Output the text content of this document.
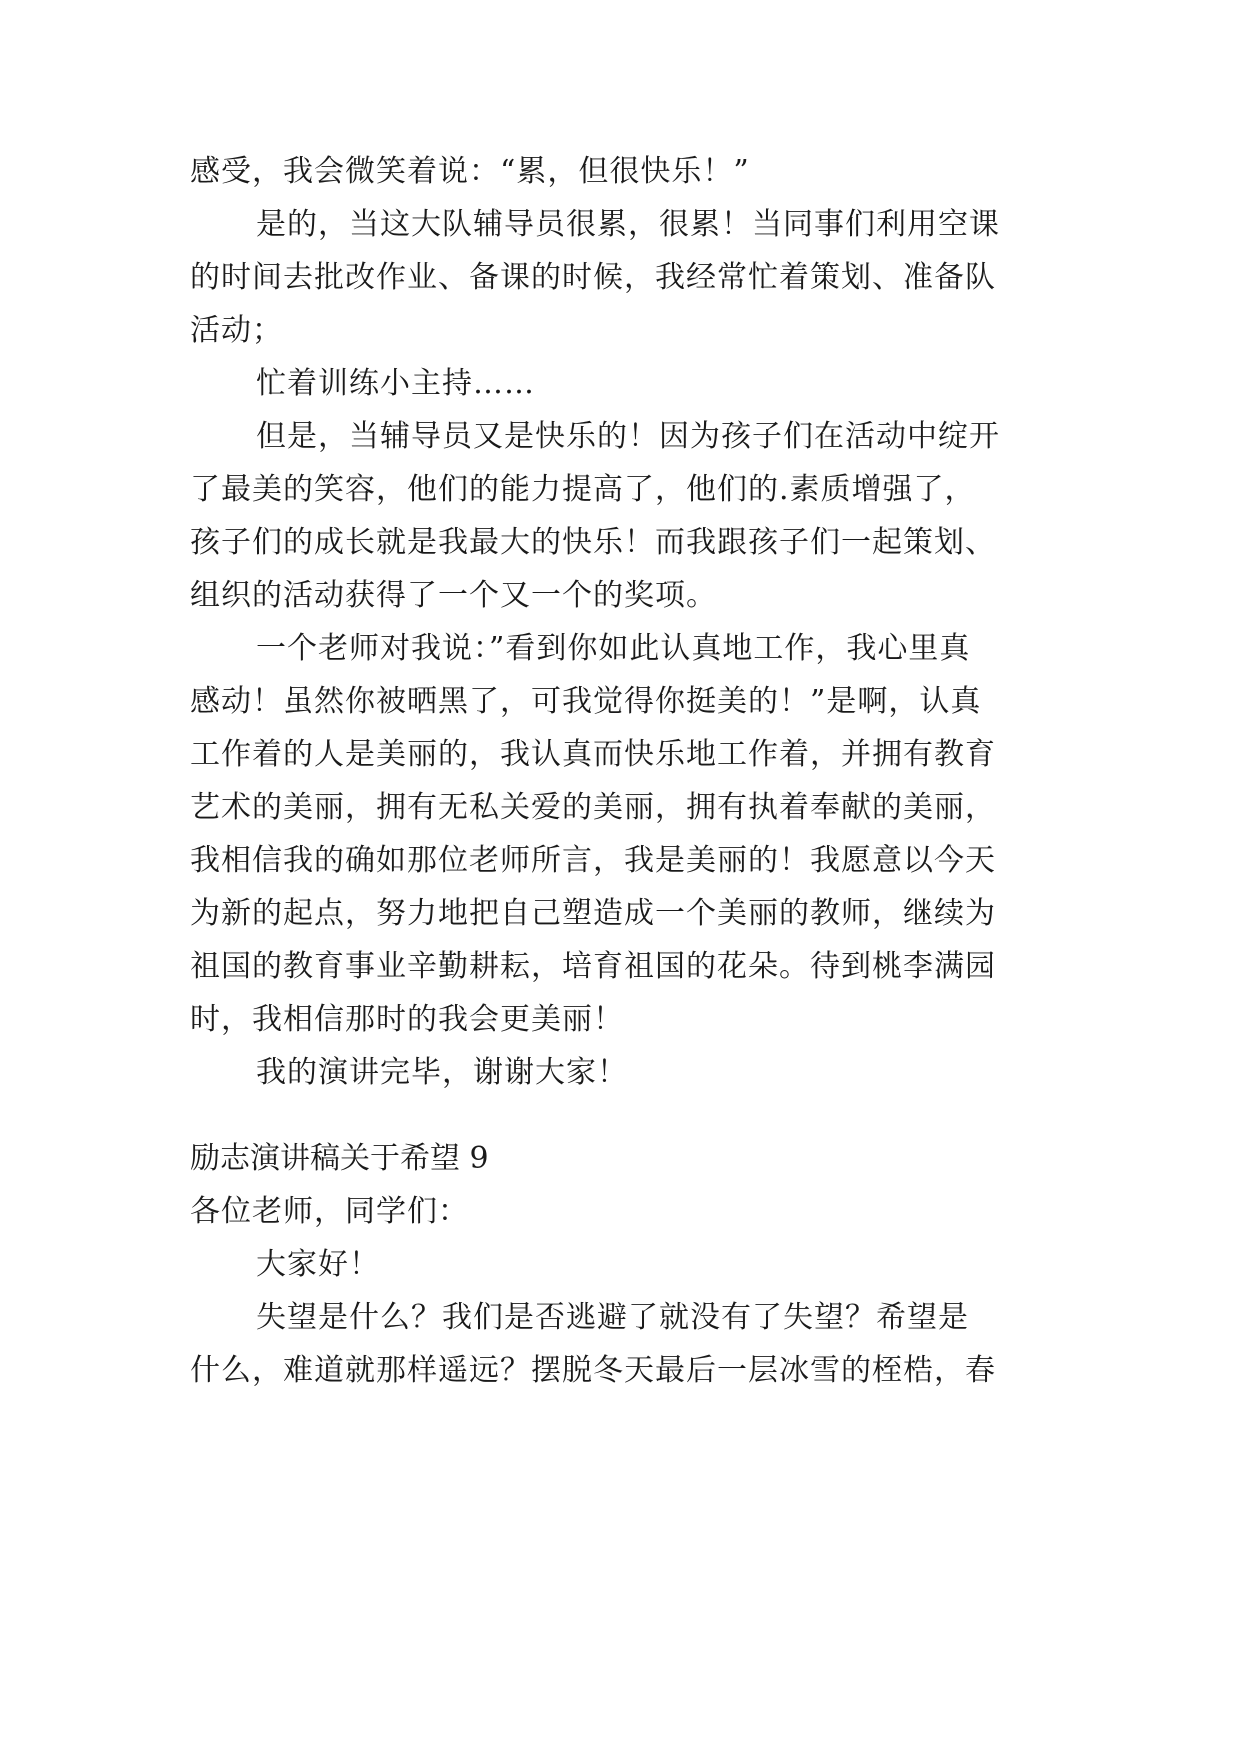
感受，我会微笑着说：“累，但很快乐！”
是的，当这大队辅导员很累，很累！当同事们利用空课
的时间去批改作业、备课的时候，我经常忙着策划、准备队
活动；
忙着训练小主持……
但是，当辅导员又是快乐的！因为孩子们在活动中绽开
了最美的笑容，他们的能力提高了，他们的.素质增强了，
孩子们的成长就是我最大的快乐！而我跟孩子们一起策划、
组织的活动获得了一个又一个的奖项。
一个老师对我说：”看到你如此认真地工作，我心里真
感动！虽然你被晒黑了，可我觉得你挺美的！”是啊，认真
工作着的人是美丽的，我认真而快乐地工作着，并拥有教育
艺术的美丽，拥有无私关爱的美丽，拥有执着奉献的美丽，
我相信我的确如那位老师所言，我是美丽的！我愿意以今天
为新的起点，努力地把自己塑造成一个美丽的教师，继续为
祖国的教育事业辛勤耕耘，培育祖国的花朵。待到桃李满园
时，我相信那时的我会更美丽！
我的演讲完毕，谢谢大家！
励志演讲稿关于希望 9
各位老师，同学们：
大家好！
失望是什么？我们是否逃避了就没有了失望？希望是
什么，难道就那样遥远？摆脱冬天最后一层冰雪的桎梏，春
